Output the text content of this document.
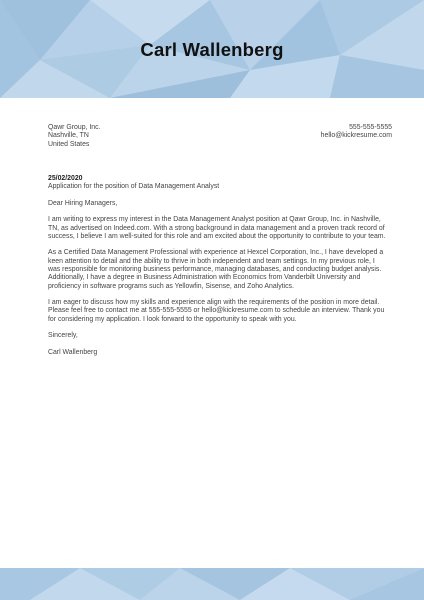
Carl Wallenberg
Qawr Group, Inc.
Nashville, TN
United States
555-555-5555
hello@kickresume.com
25/02/2020
Application for the position of Data Management Analyst
Dear Hiring Managers,
I am writing to express my interest in the Data Management Analyst position at Qawr Group, Inc. in Nashville, TN, as advertised on Indeed.com. With a strong background in data management and a proven track record of success, I believe I am well-suited for this role and am excited about the opportunity to contribute to your team.
As a Certified Data Management Professional with experience at Hexcel Corporation, Inc., I have developed a keen attention to detail and the ability to thrive in both independent and team settings. In my previous role, I was responsible for monitoring business performance, managing databases, and conducting budget analysis. Additionally, I have a degree in Business Administration with Economics from Vanderbilt University and proficiency in software programs such as Yellowfin, Sisense, and Zoho Analytics.
I am eager to discuss how my skills and experience align with the requirements of the position in more detail. Please feel free to contact me at 555-555-5555 or hello@kickresume.com to schedule an interview. Thank you for considering my application. I look forward to the opportunity to speak with you.
Sincerely,
Carl Wallenberg
